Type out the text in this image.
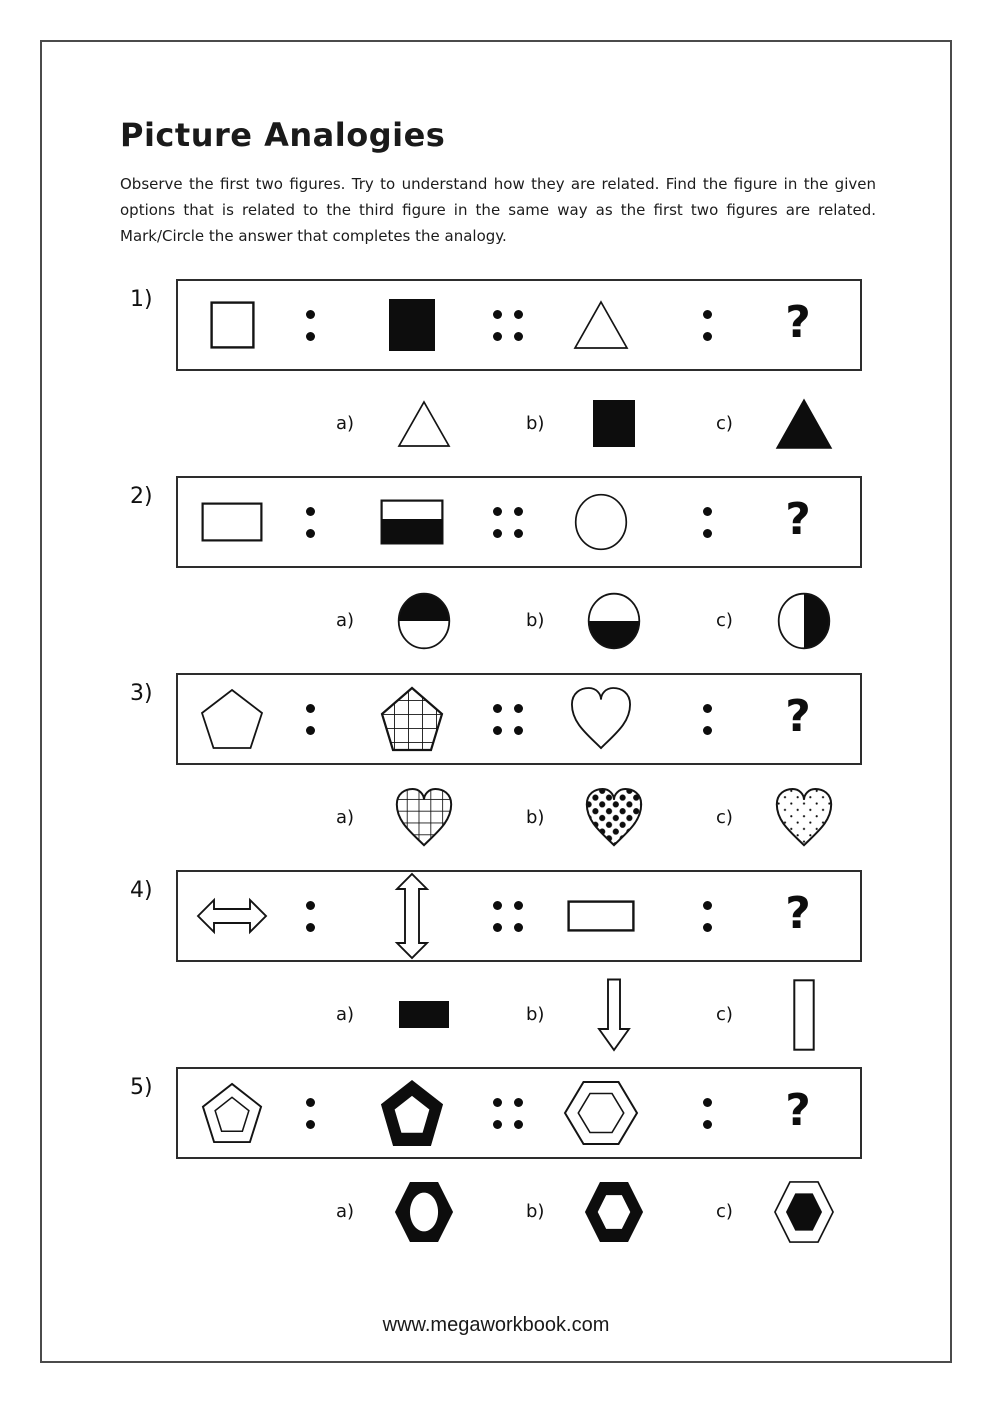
Picture Analogies

Observe the first two figures. Try to understand how they are related. Find the figure in the given options that is related to the third figure in the same way as the first two figures are related. Mark/Circle the answer that completes the analogy.

1)	?
a)	b)	c)
2)	?
a)	b)	c)
3)	?
a)	b)	c)
4)	?
a)	b)	c)
5)	?
a)	b)	c)
www.megaworkbook.com
